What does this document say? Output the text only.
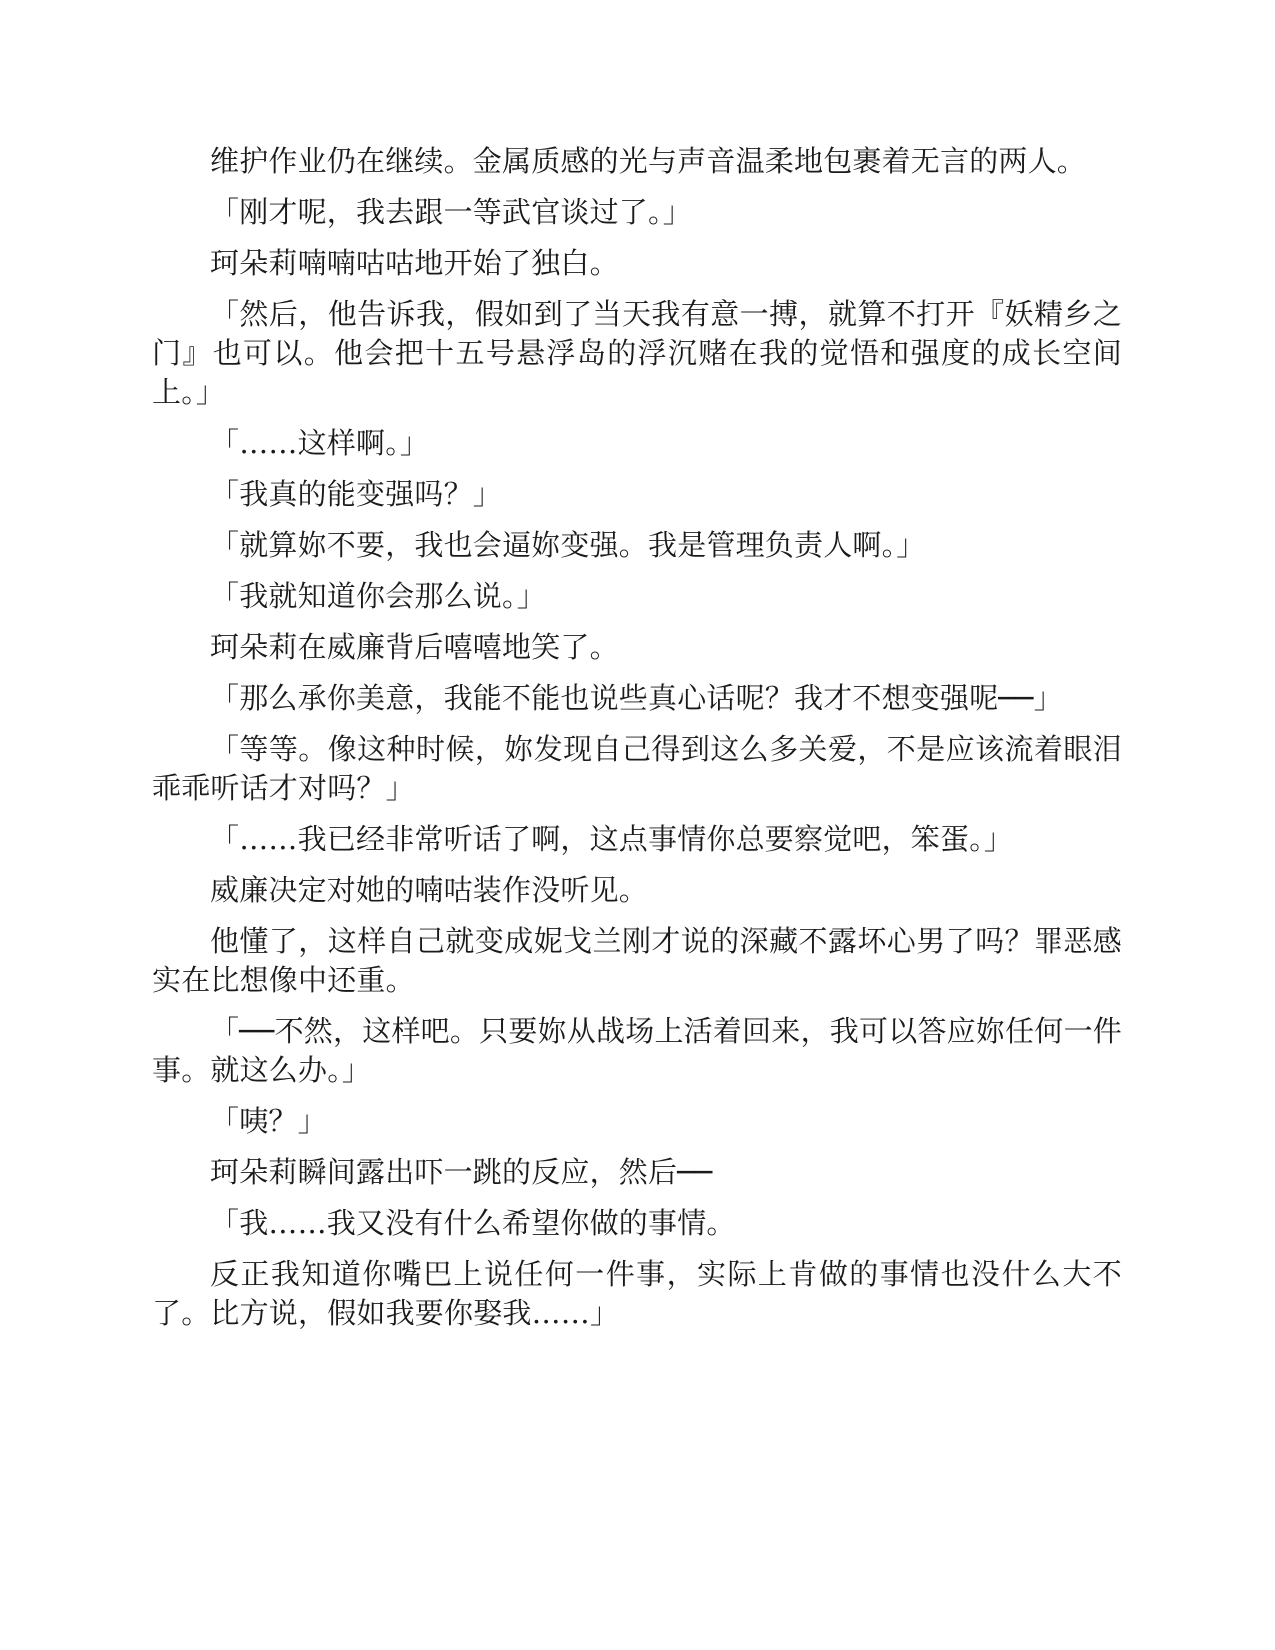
维护作业仍在继续。金属质感的光与声音温柔地包裹着无言的两人。

「刚才呢，我去跟一等武官谈过了。」

珂朵莉喃喃咕咕地开始了独白。

「然后，他告诉我，假如到了当天我有意一搏，就算不打开『妖精乡之门』也可以。他会把十五号悬浮岛的浮沉赌在我的觉悟和强度的成长空间上。」

「……这样啊。」

「我真的能变强吗？」

「就算妳不要，我也会逼妳变强。我是管理负责人啊。」

「我就知道你会那么说。」

珂朵莉在威廉背后嘻嘻地笑了。

「那么承你美意，我能不能也说些真心话呢？我才不想变强呢──」

「等等。像这种时候，妳发现自己得到这么多关爱，不是应该流着眼泪乖乖听话才对吗？」

「……我已经非常听话了啊，这点事情你总要察觉吧，笨蛋。」

威廉决定对她的喃咕装作没听见。

他懂了，这样自己就变成妮戈兰刚才说的深藏不露坏心男了吗？罪恶感实在比想像中还重。

「──不然，这样吧。只要妳从战场上活着回来，我可以答应妳任何一件事。就这么办。」

「咦？」

珂朵莉瞬间露出吓一跳的反应，然后──

「我……我又没有什么希望你做的事情。

反正我知道你嘴巴上说任何一件事，实际上肯做的事情也没什么大不了。比方说，假如我要你娶我……」
